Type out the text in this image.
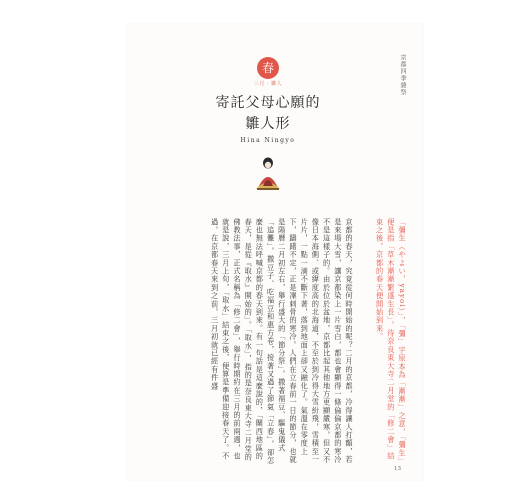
春
三月 · 雛人	京都四季雜祭
寄託父母心願的
雛人形
Hina Ningyo
「彌生（やよい，yayoi）」，「彌」字原本為「漸漸」之意，「彌生」便是指「草木漸漸繁盛生長」。待奈良東大寺二月堂的「修二會」結束之後，京都的春天便開始到來。
京都的春天，究竟從何時開始的呢？二月的京都，冷得讓人打顫，若是來場大雪，讓京都染上一片雪白，都也會顯得一條倫倫京都的寒冷不是這樣子的。由於位於盆地，京都比起其他地方更顯嚴寒，但又不像日本海側、或緯度高的北海道，不至於到冷得大雪紛飛，雪積至一片片，一點一滴不斷下著，落到地面上卻又融化了。氣溫在零度上下，躊躇不定，正是凜刺骨的寒冷。人們在立春前一日的節分，也就是陽曆二月初左右，舉行盛大的「節分祭」，撒著福豆、驅鬼儀式「追儺」，撒豆子、吃福豆和惠方卷，接著又過了節氣「立春」，卻怎麼也無法呼喊京都的春天到來。有一句話是這麼說的，「關西地區的春天，是從『取水』開始的」。「取水」，指的是奈良東大寺二月堂的佛教法事，正式名稱為「修二會」，舉行時期約在三月的前兩週，也就是說，三月上旬，「取水」結束之後，便算是準備迎接春天了。不過，在京都春天來到之前，三月初就已經有件盛
13
